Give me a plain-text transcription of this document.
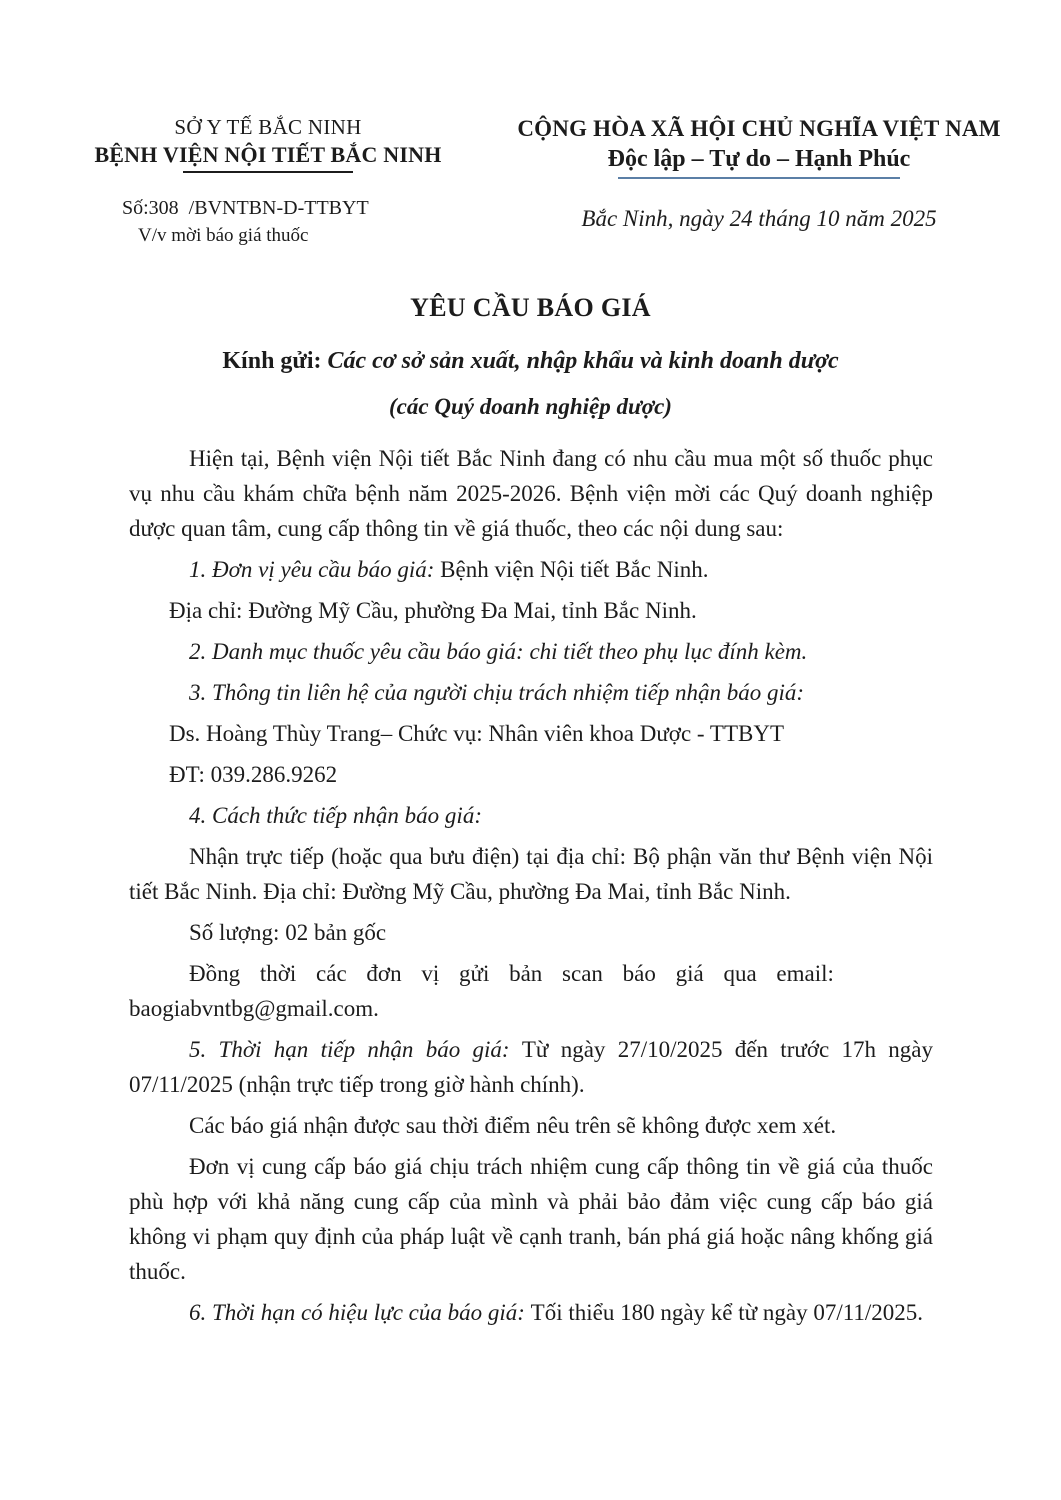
SỞ Y TẾ BẮC NINH
BỆNH VIỆN NỘI TIẾT BẮC NINH
Số:308  /BVNTBN-D-TTBYT
V/v mời báo giá thuốc
CỘNG HÒA XÃ HỘI CHỦ NGHĨA VIỆT NAM
Độc lập – Tự do – Hạnh Phúc
Bắc Ninh, ngày 24 tháng 10 năm 2025
YÊU CẦU BÁO GIÁ
Kính gửi: Các cơ sở sản xuất, nhập khẩu và kinh doanh dược
(các Quý doanh nghiệp dược)

Hiện tại, Bệnh viện Nội tiết Bắc Ninh đang có nhu cầu mua một số thuốc phục vụ nhu cầu khám chữa bệnh năm 2025-2026. Bệnh viện mời các Quý doanh nghiệp dược quan tâm, cung cấp thông tin về giá thuốc, theo các nội dung sau:

1. Đơn vị yêu cầu báo giá: Bệnh viện Nội tiết Bắc Ninh.

Địa chỉ: Đường Mỹ Cầu, phường Đa Mai, tỉnh Bắc Ninh.

2. Danh mục thuốc yêu cầu báo giá: chi tiết theo phụ lục đính kèm.

3. Thông tin liên hệ của người chịu trách nhiệm tiếp nhận báo giá:

Ds. Hoàng Thùy Trang– Chức vụ: Nhân viên khoa Dược - TTBYT

ĐT: 039.286.9262

4. Cách thức tiếp nhận báo giá:

Nhận trực tiếp (hoặc qua bưu điện) tại địa chỉ: Bộ phận văn thư Bệnh viện Nội tiết Bắc Ninh. Địa chỉ: Đường Mỹ Cầu, phường Đa Mai, tỉnh Bắc Ninh.

Số lượng: 02 bản gốc

Đồng thời các đơn vị gửi bản scan báo giá qua email:
baogiabvntbg@gmail.com.

5. Thời hạn tiếp nhận báo giá: Từ ngày 27/10/2025 đến trước 17h ngày 07/11/2025 (nhận trực tiếp trong giờ hành chính).

Các báo giá nhận được sau thời điểm nêu trên sẽ không được xem xét.

Đơn vị cung cấp báo giá chịu trách nhiệm cung cấp thông tin về giá của thuốc phù hợp với khả năng cung cấp của mình và phải bảo đảm việc cung cấp báo giá không vi phạm quy định của pháp luật về cạnh tranh, bán phá giá hoặc nâng khống giá thuốc.

6. Thời hạn có hiệu lực của báo giá: Tối thiểu 180 ngày kể từ ngày 07/11/2025.
